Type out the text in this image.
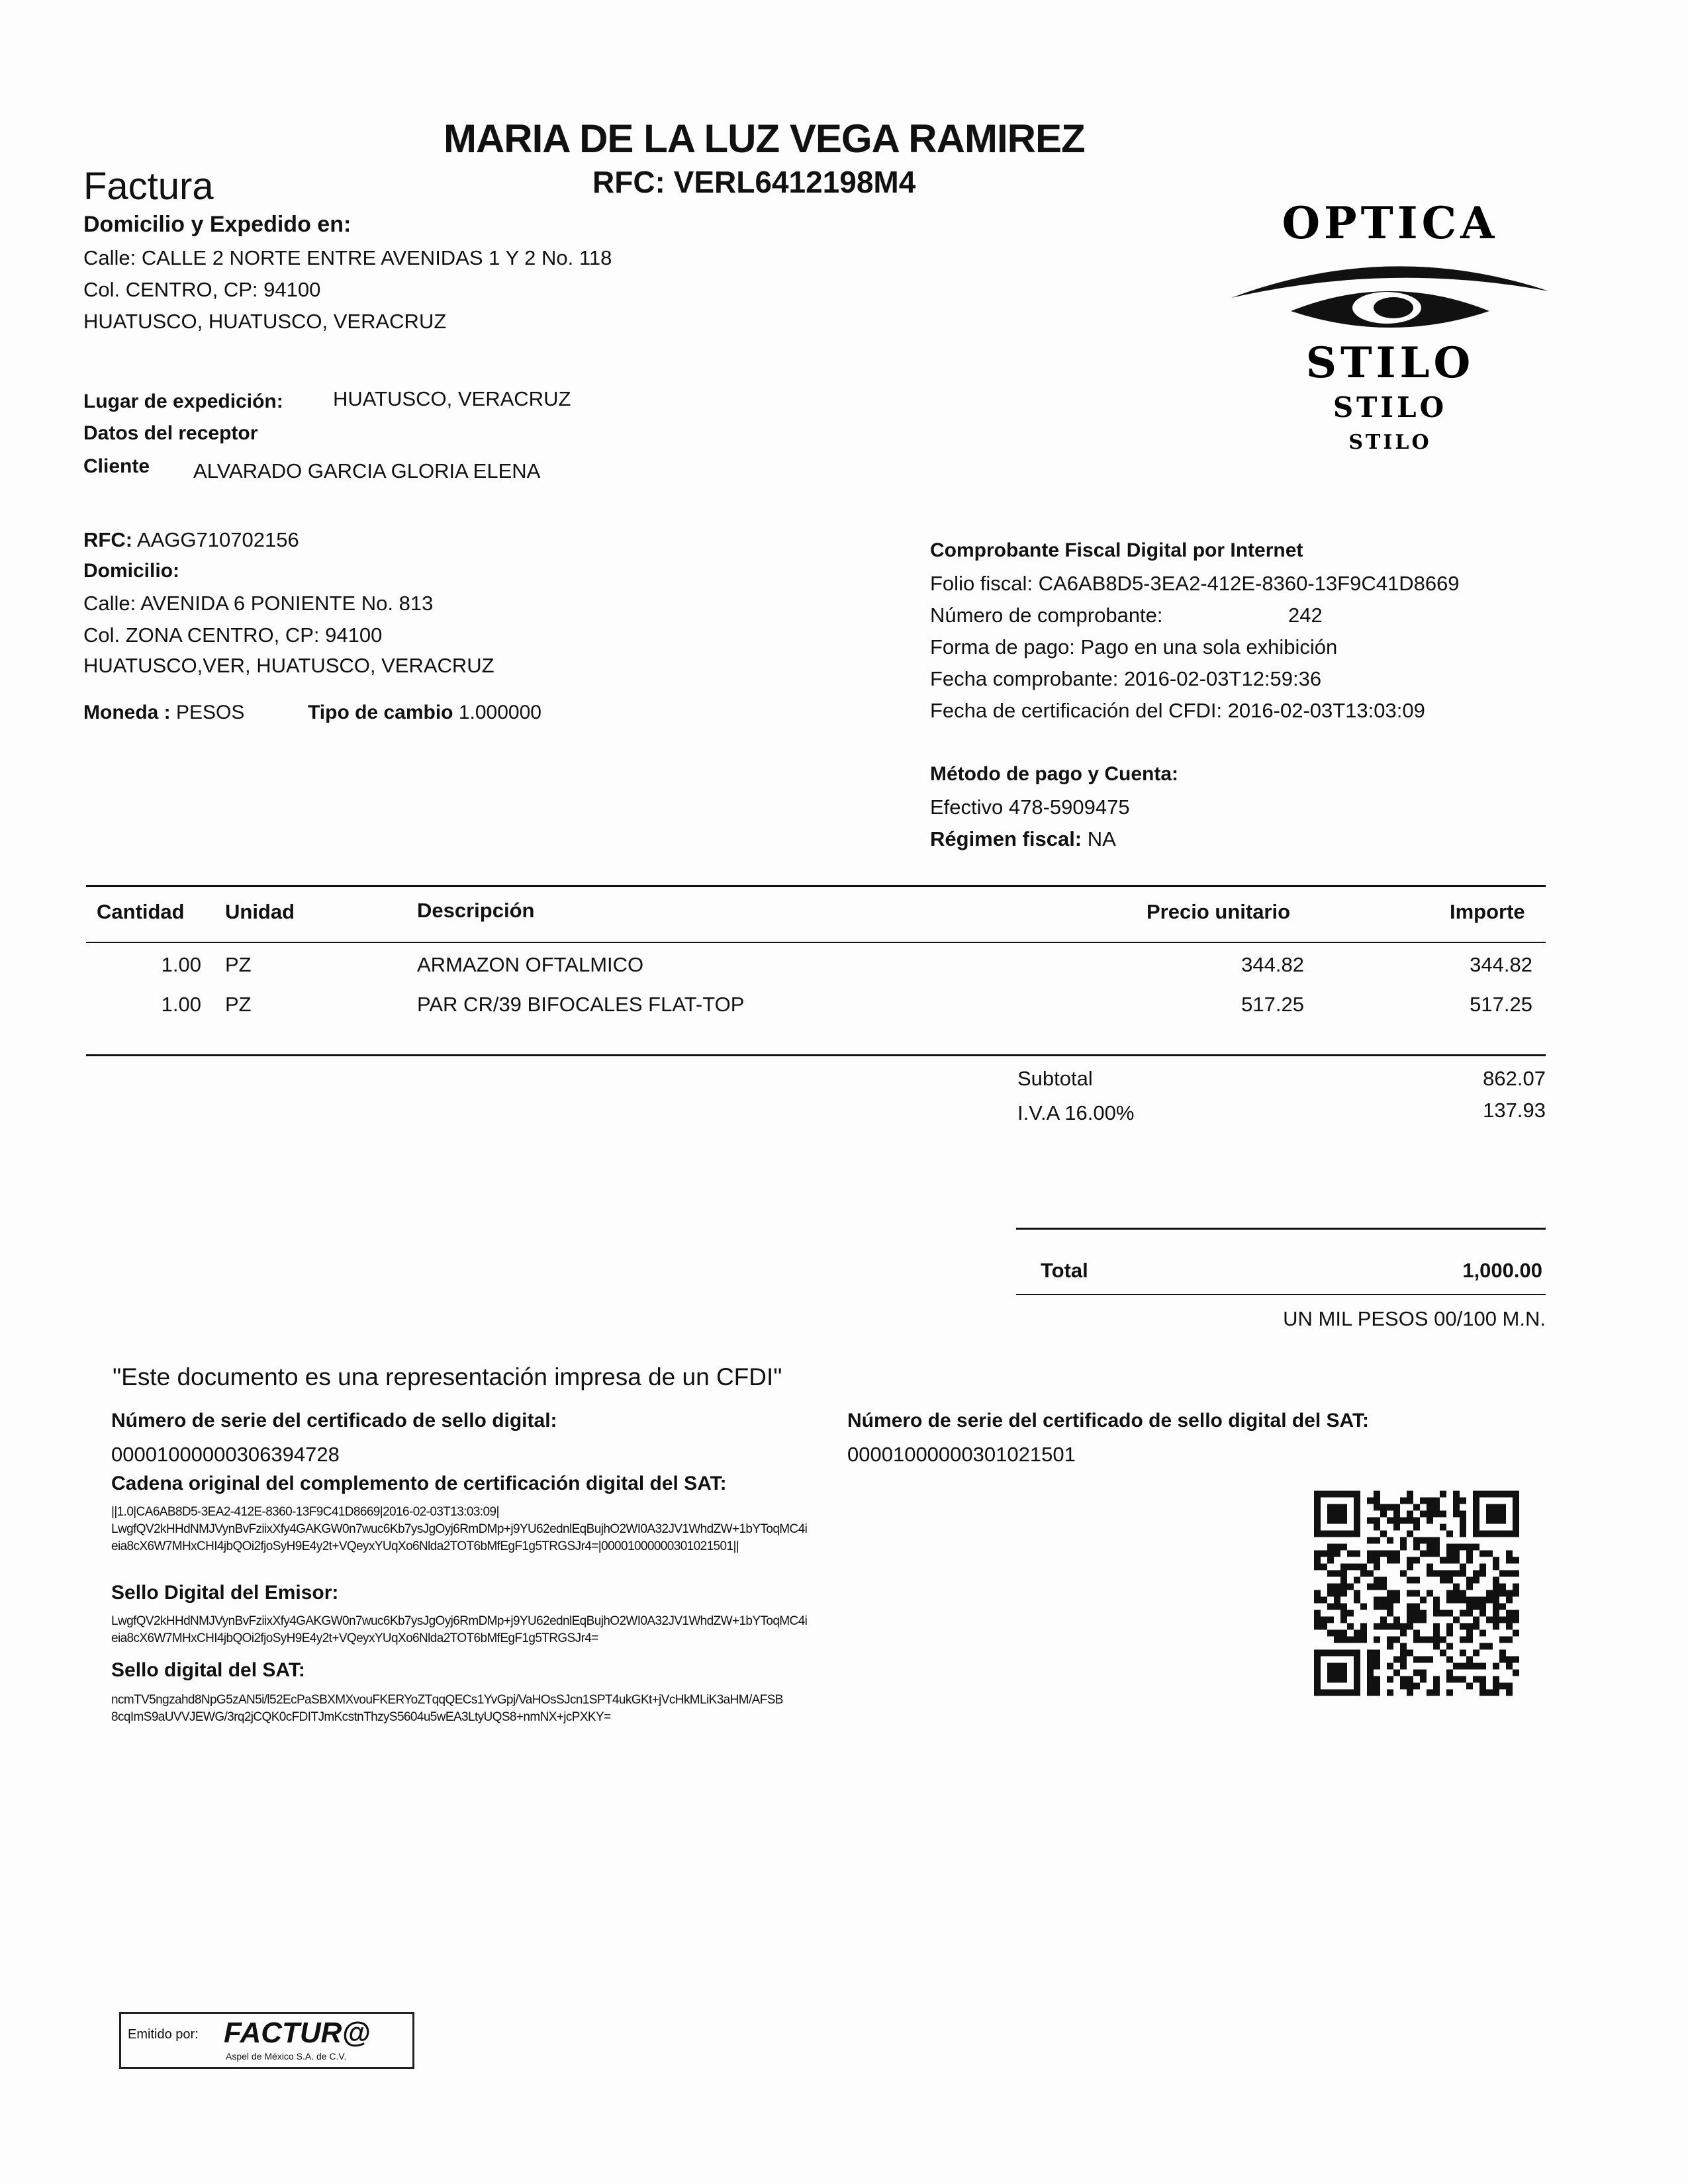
MARIA DE LA LUZ VEGA RAMIREZ
Factura	RFC: VERL6412198M4
OPTICA
STILO
STILO
STILO
Domicilio y Expedido en:
Calle: CALLE 2 NORTE ENTRE AVENIDAS 1 Y 2 No. 118
Col. CENTRO, CP: 94100
HUATUSCO, HUATUSCO, VERACRUZ
Lugar de expedición: HUATUSCO, VERACRUZ
Datos del receptor
Cliente ALVARADO GARCIA GLORIA ELENA
RFC: AAGG710702156
Domicilio:
Calle: AVENIDA 6 PONIENTE No. 813
Col. ZONA CENTRO, CP: 94100
HUATUSCO,VER, HUATUSCO, VERACRUZ
Moneda : PESOS	Tipo de cambio 1.000000
Comprobante Fiscal Digital por Internet
Folio fiscal: CA6AB8D5-3EA2-412E-8360-13F9C41D8669
Número de comprobante:	242
Forma de pago: Pago en una sola exhibición
Fecha comprobante: 2016-02-03T12:59:36
Fecha de certificación del CFDI: 2016-02-03T13:03:09
Método de pago y Cuenta:
Efectivo 478-5909475
Régimen fiscal: NA
Cantidad Unidad	Descripción	Precio unitario	Importe
1.00 PZ	ARMAZON OFTALMICO	344.82	344.82
1.00 PZ	PAR CR/39 BIFOCALES FLAT-TOP	517.25	517.25
Subtotal	862.07
I.V.A 16.00%	137.93
Total	1,000.00
UN MIL PESOS 00/100 M.N.
"Este documento es una representación impresa de un CFDI"
Número de serie del certificado de sello digital:
00001000000306394728
Número de serie del certificado de sello digital del SAT:
00001000000301021501
Cadena original del complemento de certificación digital del SAT:
||1.0|CA6AB8D5-3EA2-412E-8360-13F9C41D8669|2016-02-03T13:03:09|
LwgfQV2kHHdNMJVynBvFziixXfy4GAKGW0n7wuc6Kb7ysJgOyj6RmDMp+j9YU62ednlEqBujhO2WI0A32JV1WhdZW+1bYToqMC4i
eia8cX6W7MHxCHI4jbQOi2fjoSyH9E4y2t+VQeyxYUqXo6Nlda2TOT6bMfEgF1g5TRGSJr4=|00001000000301021501||
Sello Digital del Emisor:
LwgfQV2kHHdNMJVynBvFziixXfy4GAKGW0n7wuc6Kb7ysJgOyj6RmDMp+j9YU62ednlEqBujhO2WI0A32JV1WhdZW+1bYToqMC4i
eia8cX6W7MHxCHI4jbQOi2fjoSyH9E4y2t+VQeyxYUqXo6Nlda2TOT6bMfEgF1g5TRGSJr4=
Sello digital del SAT:
ncmTV5ngzahd8NpG5zAN5i/l52EcPaSBXMXvouFKERYoZTqqQECs1YvGpj/VaHOsSJcn1SPT4ukGKt+jVcHkMLiK3aHM/AFSB
8cqImS9aUVVJEWG/3rq2jCQK0cFDITJmKcstnThzyS5604u5wEA3LtyUQS8+nmNX+jcPXKY=
Emitido por: FACTUR@
Aspel de México S.A. de C.V.
